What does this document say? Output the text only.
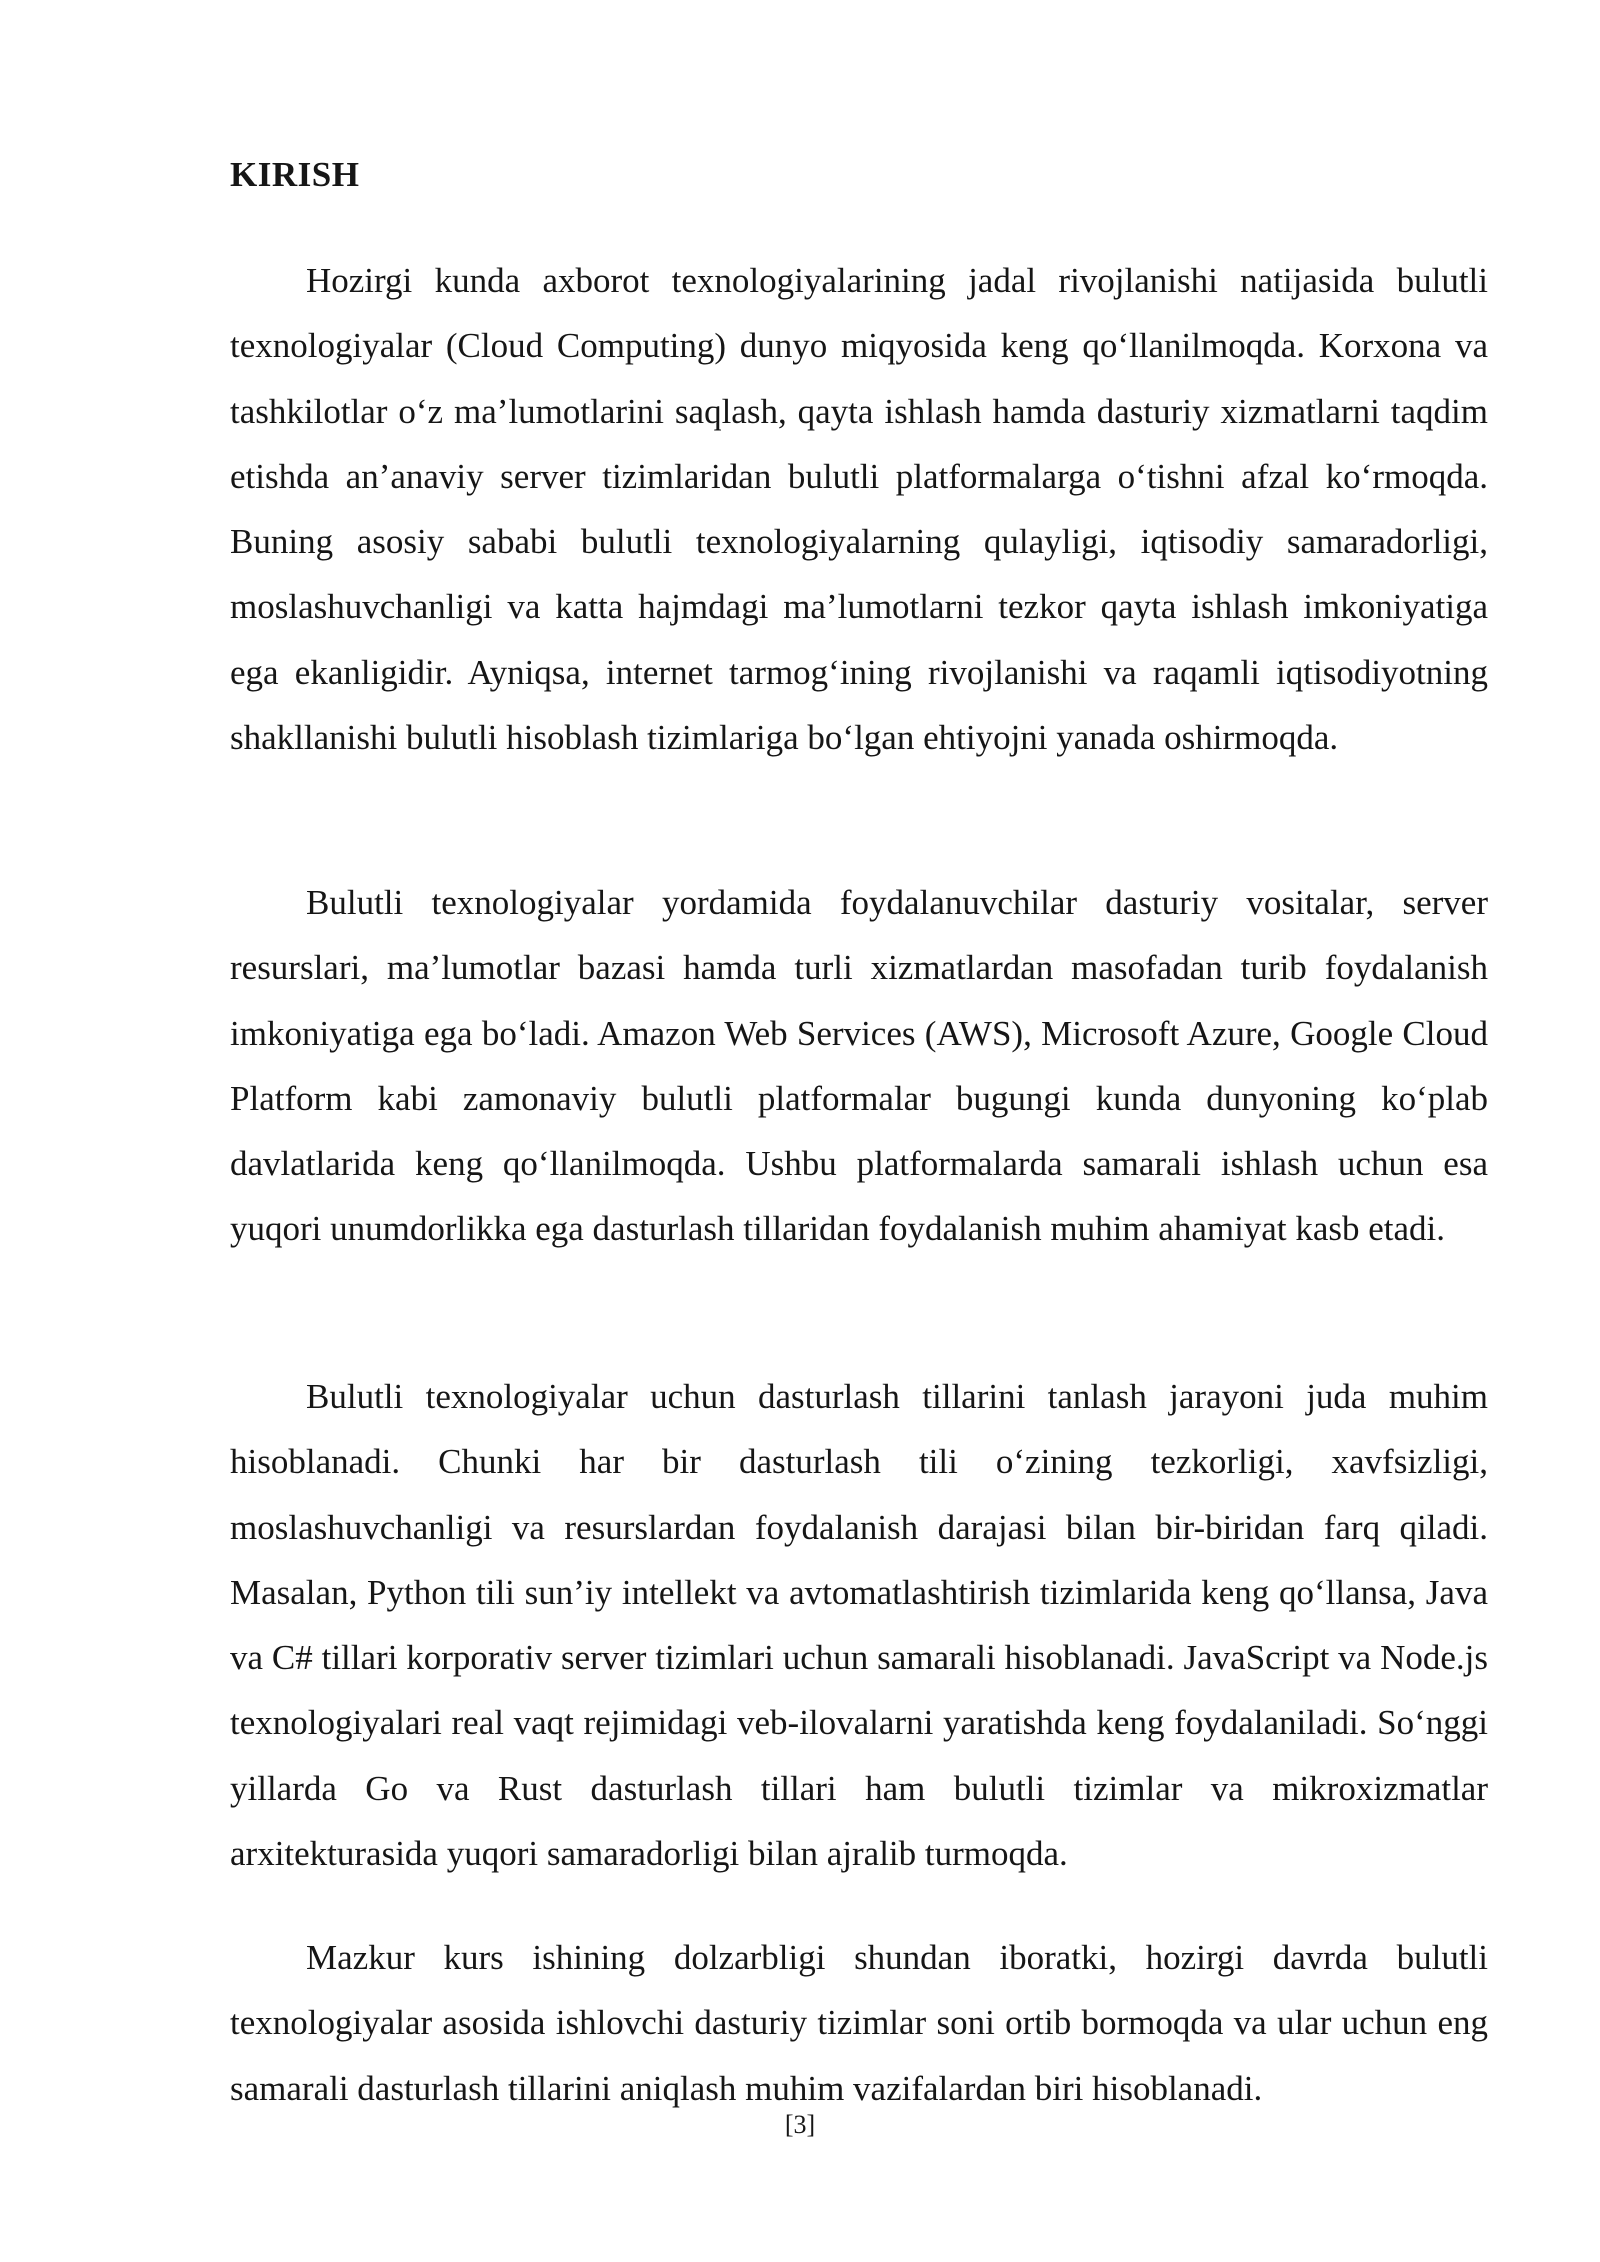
KIRISH

Hozirgi kunda axborot texnologiyalarining jadal rivojlanishi natijasida bulutli texnologiyalar (Cloud Computing) dunyo miqyosida keng qo‘llanilmoqda. Korxona va tashkilotlar o‘z ma’lumotlarini saqlash, qayta ishlash hamda dasturiy xizmatlarni taqdim etishda an’anaviy server tizimlaridan bulutli platformalarga o‘tishni afzal ko‘rmoqda. Buning asosiy sababi bulutli texnologiyalarning qulayligi, iqtisodiy samaradorligi, moslashuvchanligi va katta hajmdagi ma’lumotlarni tezkor qayta ishlash imkoniyatiga ega ekanligidir. Ayniqsa, internet tarmog‘ining rivojlanishi va raqamli iqtisodiyotning shakllanishi bulutli hisoblash tizimlariga bo‘lgan ehtiyojni yanada oshirmoqda.

Bulutli texnologiyalar yordamida foydalanuvchilar dasturiy vositalar, server resurslari, ma’lumotlar bazasi hamda turli xizmatlardan masofadan turib foydalanish imkoniyatiga ega bo‘ladi. Amazon Web Services (AWS), Microsoft Azure, Google Cloud Platform kabi zamonaviy bulutli platformalar bugungi kunda dunyoning ko‘plab davlatlarida keng qo‘llanilmoqda. Ushbu platformalarda samarali ishlash uchun esa yuqori unumdorlikka ega dasturlash tillaridan foydalanish muhim ahamiyat kasb etadi.

Bulutli texnologiyalar uchun dasturlash tillarini tanlash jarayoni juda muhim hisoblanadi. Chunki har bir dasturlash tili o‘zining tezkorligi, xavfsizligi, moslashuvchanligi va resurslardan foydalanish darajasi bilan bir-biridan farq qiladi. Masalan, Python tili sun’iy intellekt va avtomatlashtirish tizimlarida keng qo‘llansa, Java va C# tillari korporativ server tizimlari uchun samarali hisoblanadi. JavaScript va Node.js texnologiyalari real vaqt rejimidagi veb-ilovalarni yaratishda keng foydalaniladi. So‘nggi yillarda Go va Rust dasturlash tillari ham bulutli tizimlar va mikroxizmatlar arxitekturasida yuqori samaradorligi bilan ajralib turmoqda.

Mazkur kurs ishining dolzarbligi shundan iboratki, hozirgi davrda bulutli texnologiyalar asosida ishlovchi dasturiy tizimlar soni ortib bormoqda va ular uchun eng samarali dasturlash tillarini aniqlash muhim vazifalardan biri hisoblanadi.

[3]
